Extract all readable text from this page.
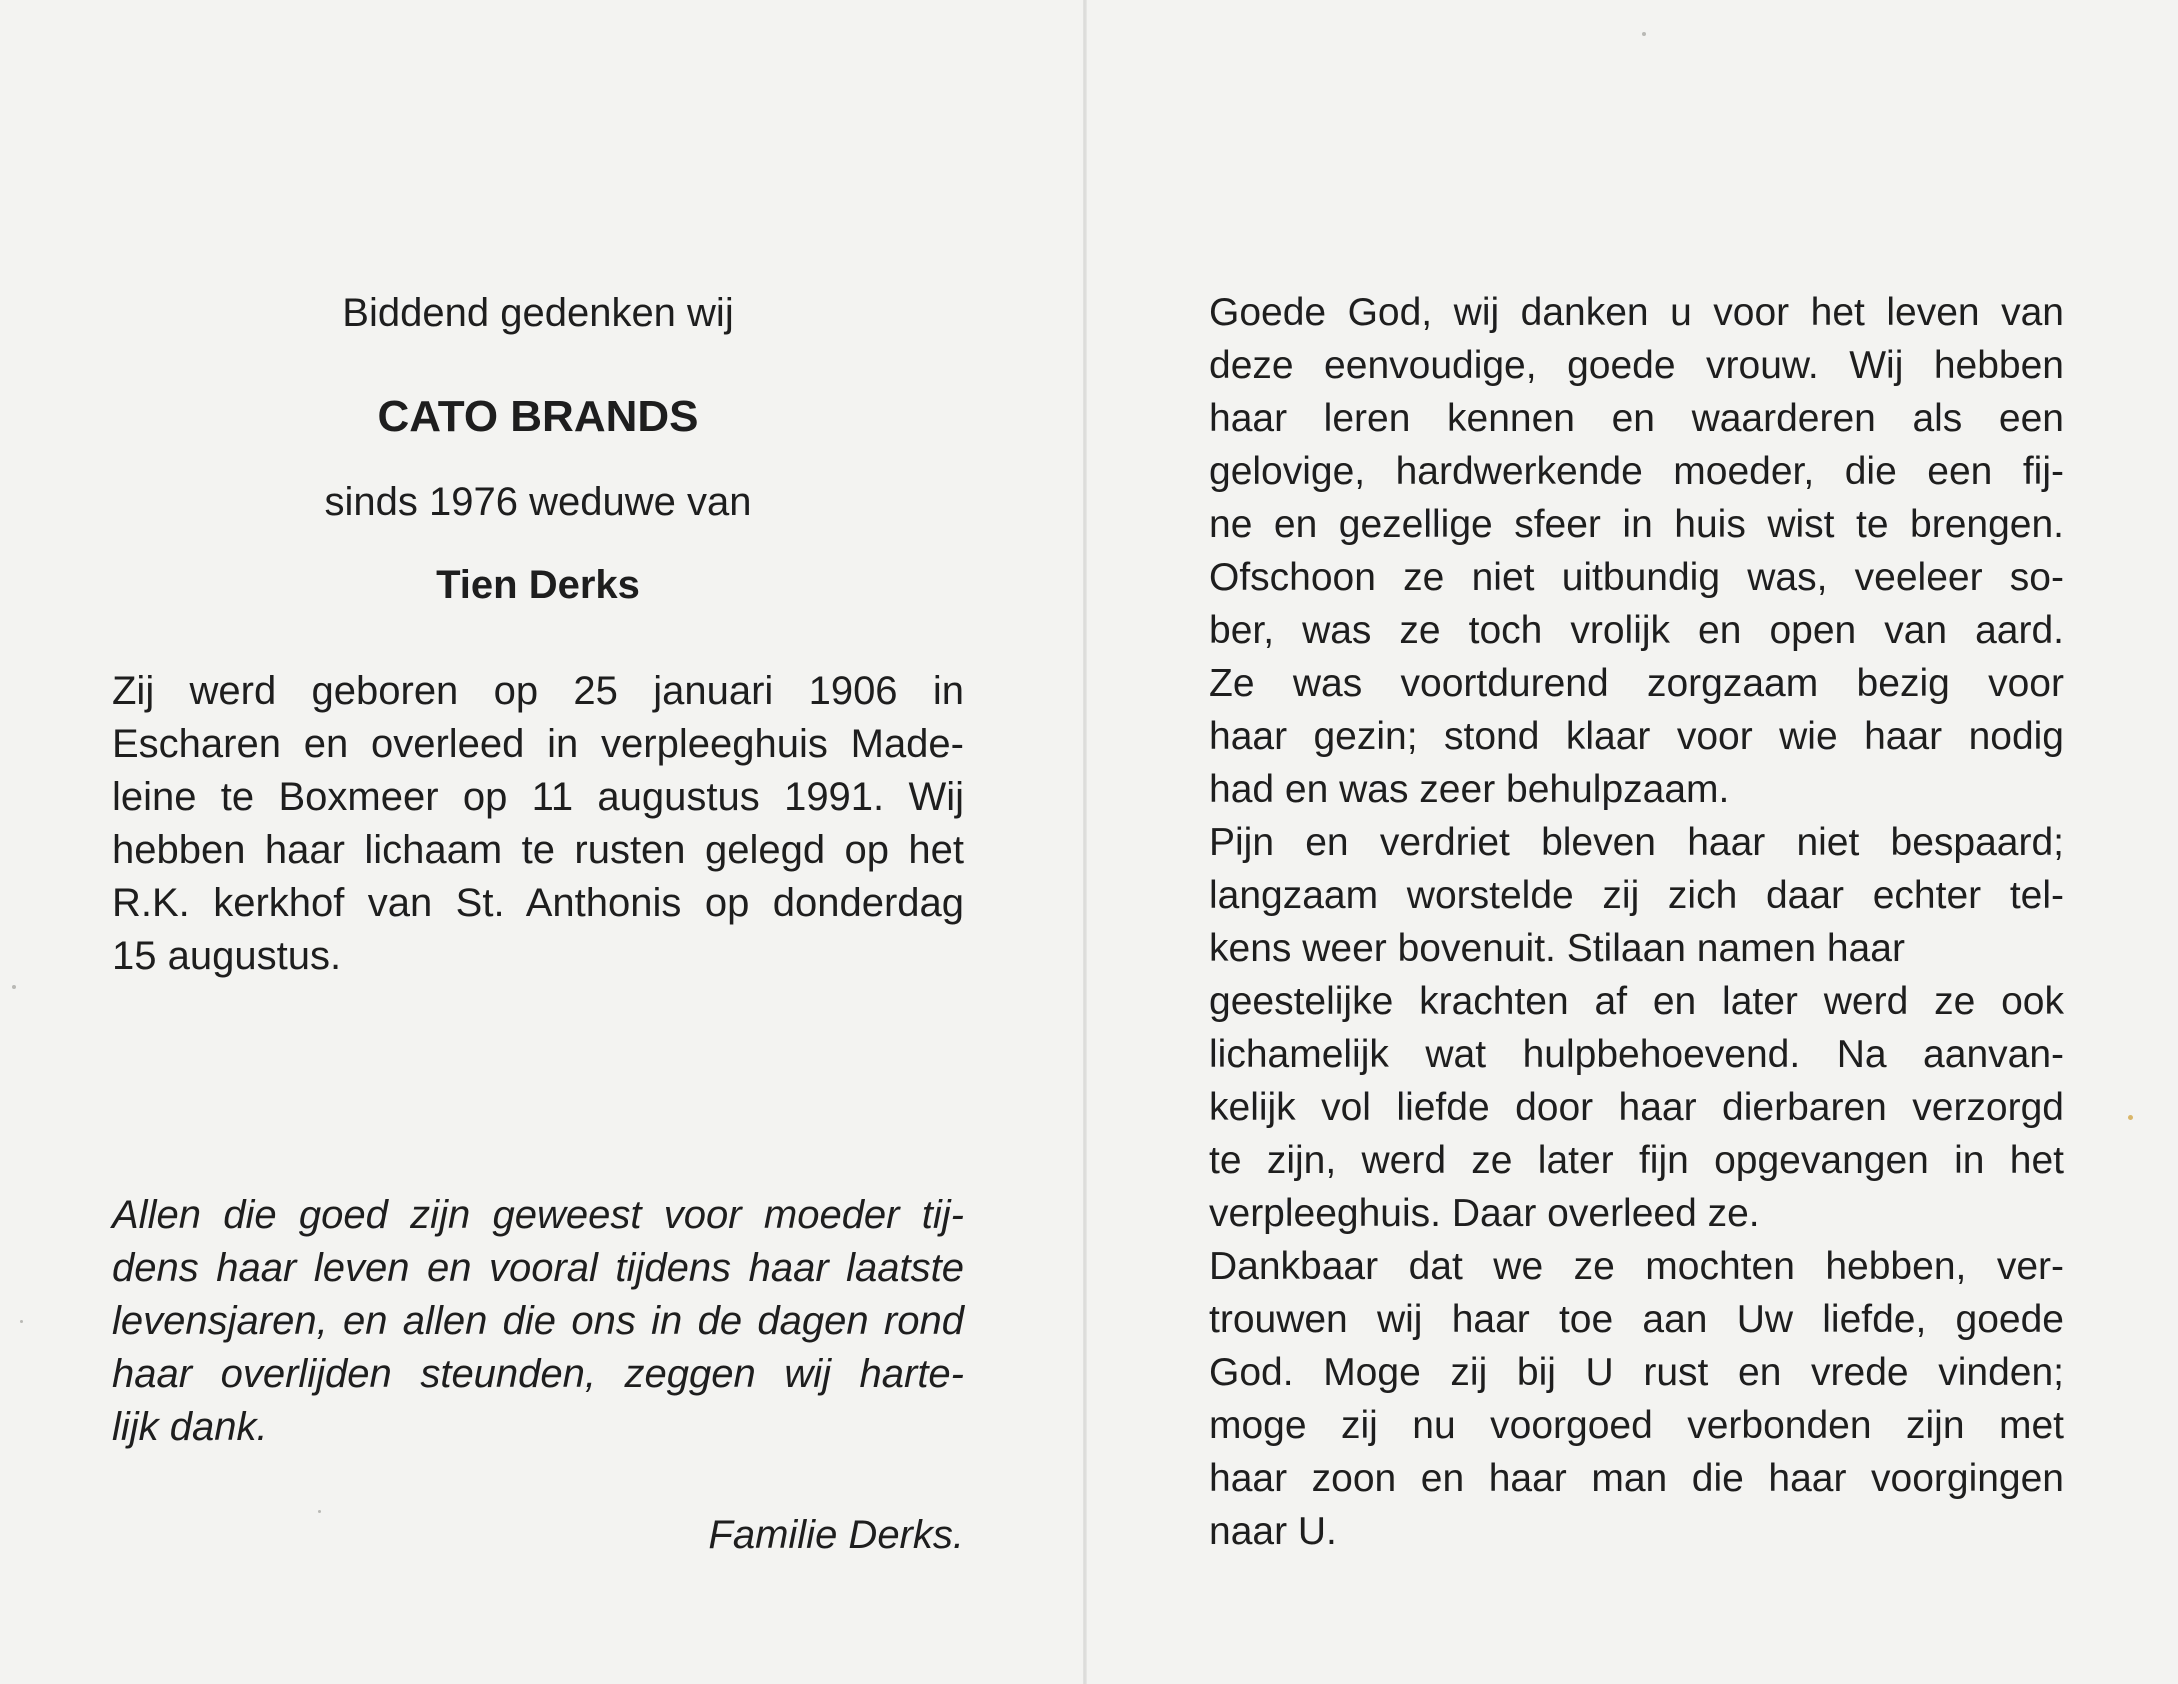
Biddend gedenken wij
CATO BRANDS
sinds 1976 weduwe van
Tien Derks
Zij werd geboren op 25 januari 1906 in
Escharen en overleed in verpleeghuis Made-
leine te Boxmeer op 11 augustus 1991. Wij
hebben haar lichaam te rusten gelegd op het
R.K. kerkhof van St. Anthonis op donderdag
15 augustus.
Allen die goed zijn geweest voor moeder tij-
dens haar leven en vooral tijdens haar laatste
levensjaren, en allen die ons in de dagen rond
haar overlijden steunden, zeggen wij harte-
lijk dank.
Familie Derks.
Goede God, wij danken u voor het leven van
deze eenvoudige, goede vrouw. Wij hebben
haar leren kennen en waarderen als een
gelovige, hardwerkende moeder, die een fij-
ne en gezellige sfeer in huis wist te brengen.
Ofschoon ze niet uitbundig was, veeleer so-
ber, was ze toch vrolijk en open van aard.
Ze was voortdurend zorgzaam bezig voor
haar gezin; stond klaar voor wie haar nodig
had en was zeer behulpzaam.
Pijn en verdriet bleven haar niet bespaard;
langzaam worstelde zij zich daar echter tel-
kens weer bovenuit. Stilaan namen haar
geestelijke krachten af en later werd ze ook
lichamelijk wat hulpbehoevend. Na aanvan-
kelijk vol liefde door haar dierbaren verzorgd
te zijn, werd ze later fijn opgevangen in het
verpleeghuis. Daar overleed ze.
Dankbaar dat we ze mochten hebben, ver-
trouwen wij haar toe aan Uw liefde, goede
God. Moge zij bij U rust en vrede vinden;
moge zij nu voorgoed verbonden zijn met
haar zoon en haar man die haar voorgingen
naar U.
